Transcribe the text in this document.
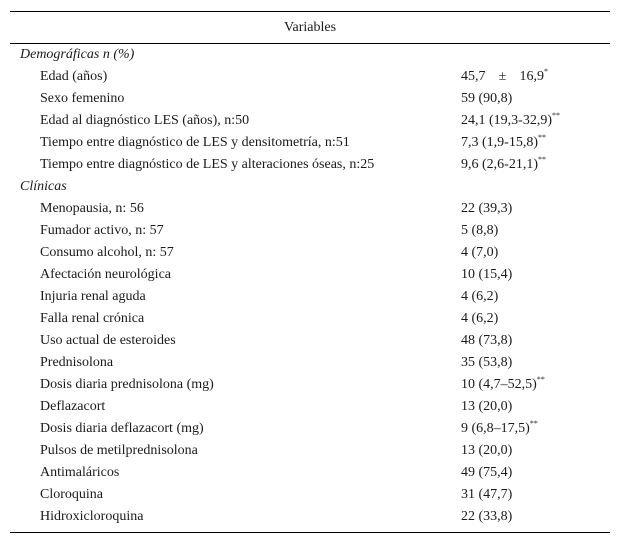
Variables
Demográficas n (%)
Edad (años)	45,7 ± 16,9*
Sexo femenino	59 (90,8)
Edad al diagnóstico LES (años), n:50	24,1 (19,3-32,9)**
Tiempo entre diagnóstico de LES y densitometría, n:51	7,3 (1,9-15,8)**
Tiempo entre diagnóstico de LES y alteraciones óseas, n:25	9,6 (2,6-21,1)**
Clínicas
Menopausia, n: 56	22 (39,3)
Fumador activo, n: 57	5 (8,8)
Consumo alcohol, n: 57	4 (7,0)
Afectación neurológica	10 (15,4)
Injuria renal aguda	4 (6,2)
Falla renal crónica	4 (6,2)
Uso actual de esteroides	48 (73,8)
Prednisolona	35 (53,8)
Dosis diaria prednisolona (mg)	10 (4,7–52,5)**
Deflazacort	13 (20,0)
Dosis diaria deflazacort (mg)	9 (6,8–17,5)**
Pulsos de metilprednisolona	13 (20,0)
Antimaláricos	49 (75,4)
Cloroquina	31 (47,7)
Hidroxicloroquina	22 (33,8)
